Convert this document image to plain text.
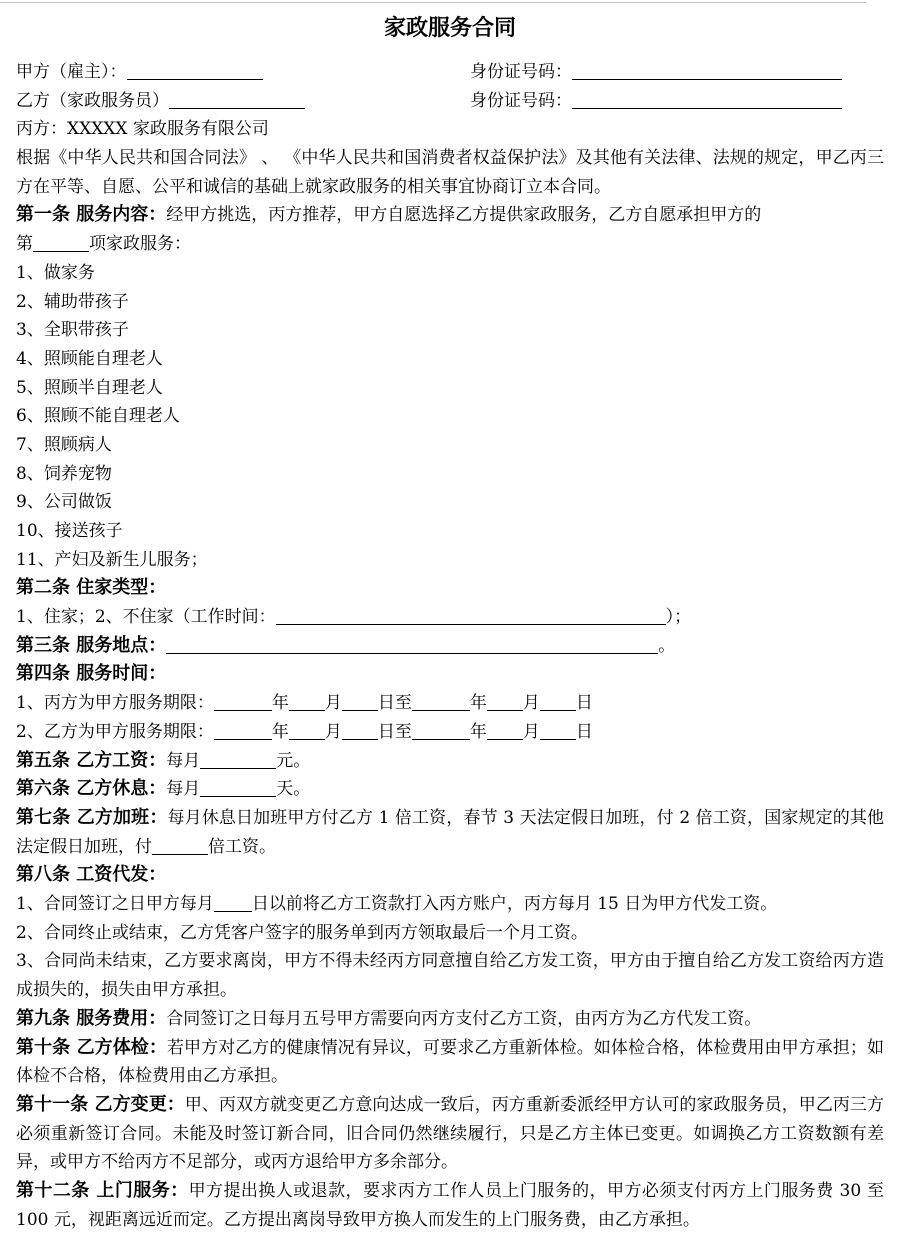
家政服务合同
甲方（雇主）：	身份证号码：
乙方（家政服务员）	身份证号码：
丙方：XXXXX 家政服务有限公司
根据《中华人民共和国合同法》 、 《中华人民共和国消费者权益保护法》及其他有关法律、法规的规定，甲乙丙三方在平等、自愿、公平和诚信的基础上就家政服务的相关事宜协商订立本合同。
第一条 服务内容：经甲方挑选，丙方推荐，甲方自愿选择乙方提供家政服务，乙方自愿承担甲方的
第	项家政服务：
1、做家务
2、辅助带孩子
3、全职带孩子
4、照顾能自理老人
5、照顾半自理老人
6、照顾不能自理老人
7、照顾病人
8、饲养宠物
9、公司做饭
10、接送孩子
11、产妇及新生儿服务；
第二条 住家类型：
1、住家；2、不住家（工作时间：	）；
第三条 服务地点：	。
第四条 服务时间：
1、丙方为甲方服务期限：	年 月 日至	年 月 日
2、乙方为甲方服务期限：	年 月 日至	年 月 日
第五条 乙方工资：每月	元。
第六条 乙方休息：每月	天。
第七条 乙方加班：每月休息日加班甲方付乙方 1 倍工资，春节 3 天法定假日加班，付 2 倍工资，国家规定的其他法定假日加班，付	倍工资。
第八条 工资代发：
1、合同签订之日甲方每月 日以前将乙方工资款打入丙方账户，丙方每月 15 日为甲方代发工资。
2、合同终止或结束，乙方凭客户签字的服务单到丙方领取最后一个月工资。
3、合同尚未结束，乙方要求离岗，甲方不得未经丙方同意擅自给乙方发工资，甲方由于擅自给乙方发工资给丙方造成损失的，损失由甲方承担。
第九条 服务费用：合同签订之日每月五号甲方需要向丙方支付乙方工资，由丙方为乙方代发工资。
第十条 乙方体检：若甲方对乙方的健康情况有异议，可要求乙方重新体检。如体检合格，体检费用由甲方承担；如体检不合格，体检费用由乙方承担。
第十一条 乙方变更：甲、丙双方就变更乙方意向达成一致后，丙方重新委派经甲方认可的家政服务员，甲乙丙三方必须重新签订合同。未能及时签订新合同，旧合同仍然继续履行，只是乙方主体已变更。如调换乙方工资数额有差异，或甲方不给丙方不足部分，或丙方退给甲方多余部分。
第十二条 上门服务：甲方提出换人或退款，要求丙方工作人员上门服务的，甲方必须支付丙方上门服务费 30 至 100 元，视距离远近而定。乙方提出离岗导致甲方换人而发生的上门服务费，由乙方承担。
